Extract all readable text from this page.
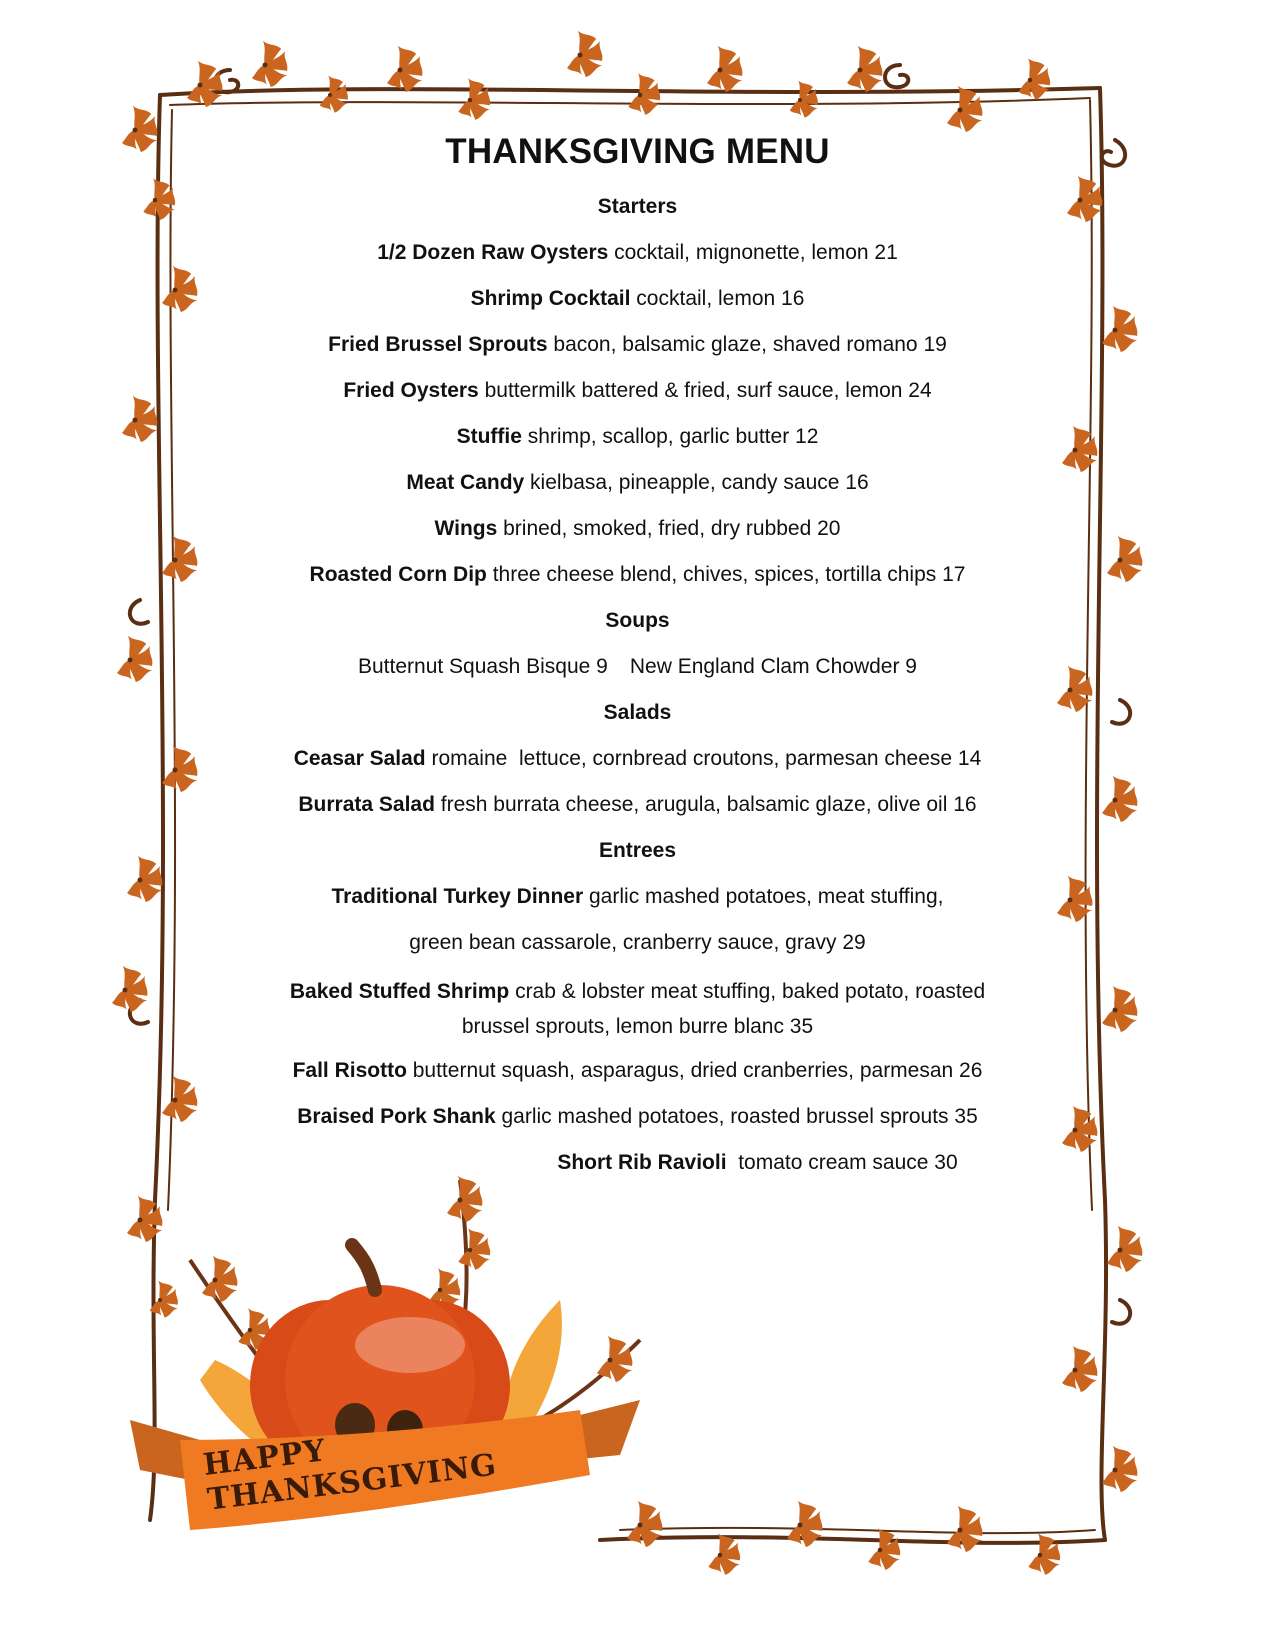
HAPPY THANKSGIVING
THANKSGIVING MENU

Starters

1/2 Dozen Raw Oysters cocktail, mignonette, lemon 21

Shrimp Cocktail cocktail, lemon 16

Fried Brussel Sprouts bacon, balsamic glaze, shaved romano 19

Fried Oysters buttermilk battered & fried, surf sauce, lemon 24

Stuffie shrimp, scallop, garlic butter 12

Meat Candy kielbasa, pineapple, candy sauce 16

Wings brined, smoked, fried, dry rubbed 20

Roasted Corn Dip three cheese blend, chives, spices, tortilla chips 17

Soups

Butternut Squash Bisque 9 New England Clam Chowder 9

Salads

Ceasar Salad romaine  lettuce, cornbread croutons, parmesan cheese 14

Burrata Salad fresh burrata cheese, arugula, balsamic glaze, olive oil 16

Entrees

Traditional Turkey Dinner garlic mashed potatoes, meat stuffing,

green bean cassarole, cranberry sauce, gravy 29

Baked Stuffed Shrimp crab & lobster meat stuffing, baked potato, roasted brussel sprouts, lemon burre blanc 35

Fall Risotto butternut squash, asparagus, dried cranberries, parmesan 26

Braised Pork Shank garlic mashed potatoes, roasted brussel sprouts 35

Short Rib Ravioli  tomato cream sauce 30
